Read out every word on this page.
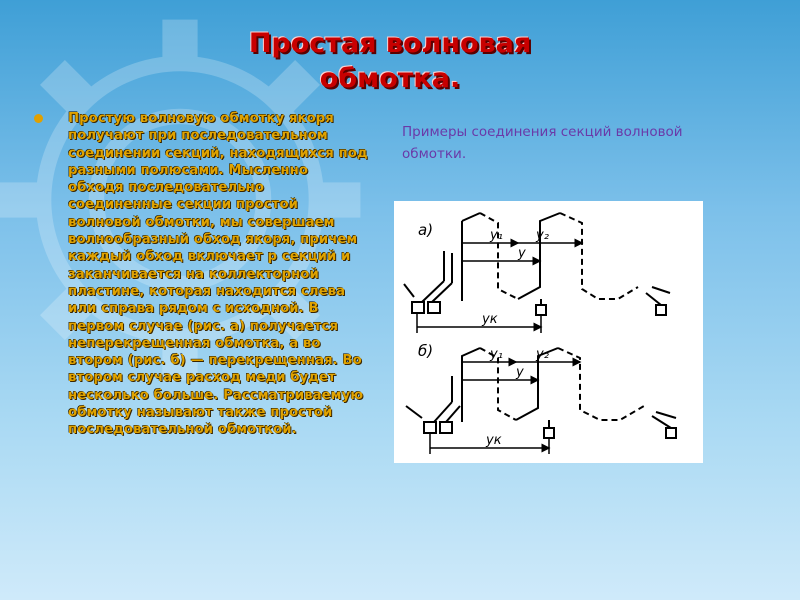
Простая волновая обмотка.
Простую волновую обмотку якоря получают при последовательном соединении секций, находящихся под разными полюсами. Мысленно обходя последовательно соединенные секции простой волновой обмотки, мы совершаем волнообразный обход якоря, причем каждый обход включает р секций и заканчивается на коллекторной пластине, которая находится слева или справа рядом с исходной. В первом случае (рис. а) получается неперекрещенная обмотка, а во втором (рис. б) — перекрещенная. Во втором случае расход меди будет несколько больше. Рассматриваемую обмотку называют также простой последовательной обмоткой.
Примеры соединения секций волновой обмотки.
а)	y₁	y₂
y
yк
б)	y₁	y₂
y
yк
